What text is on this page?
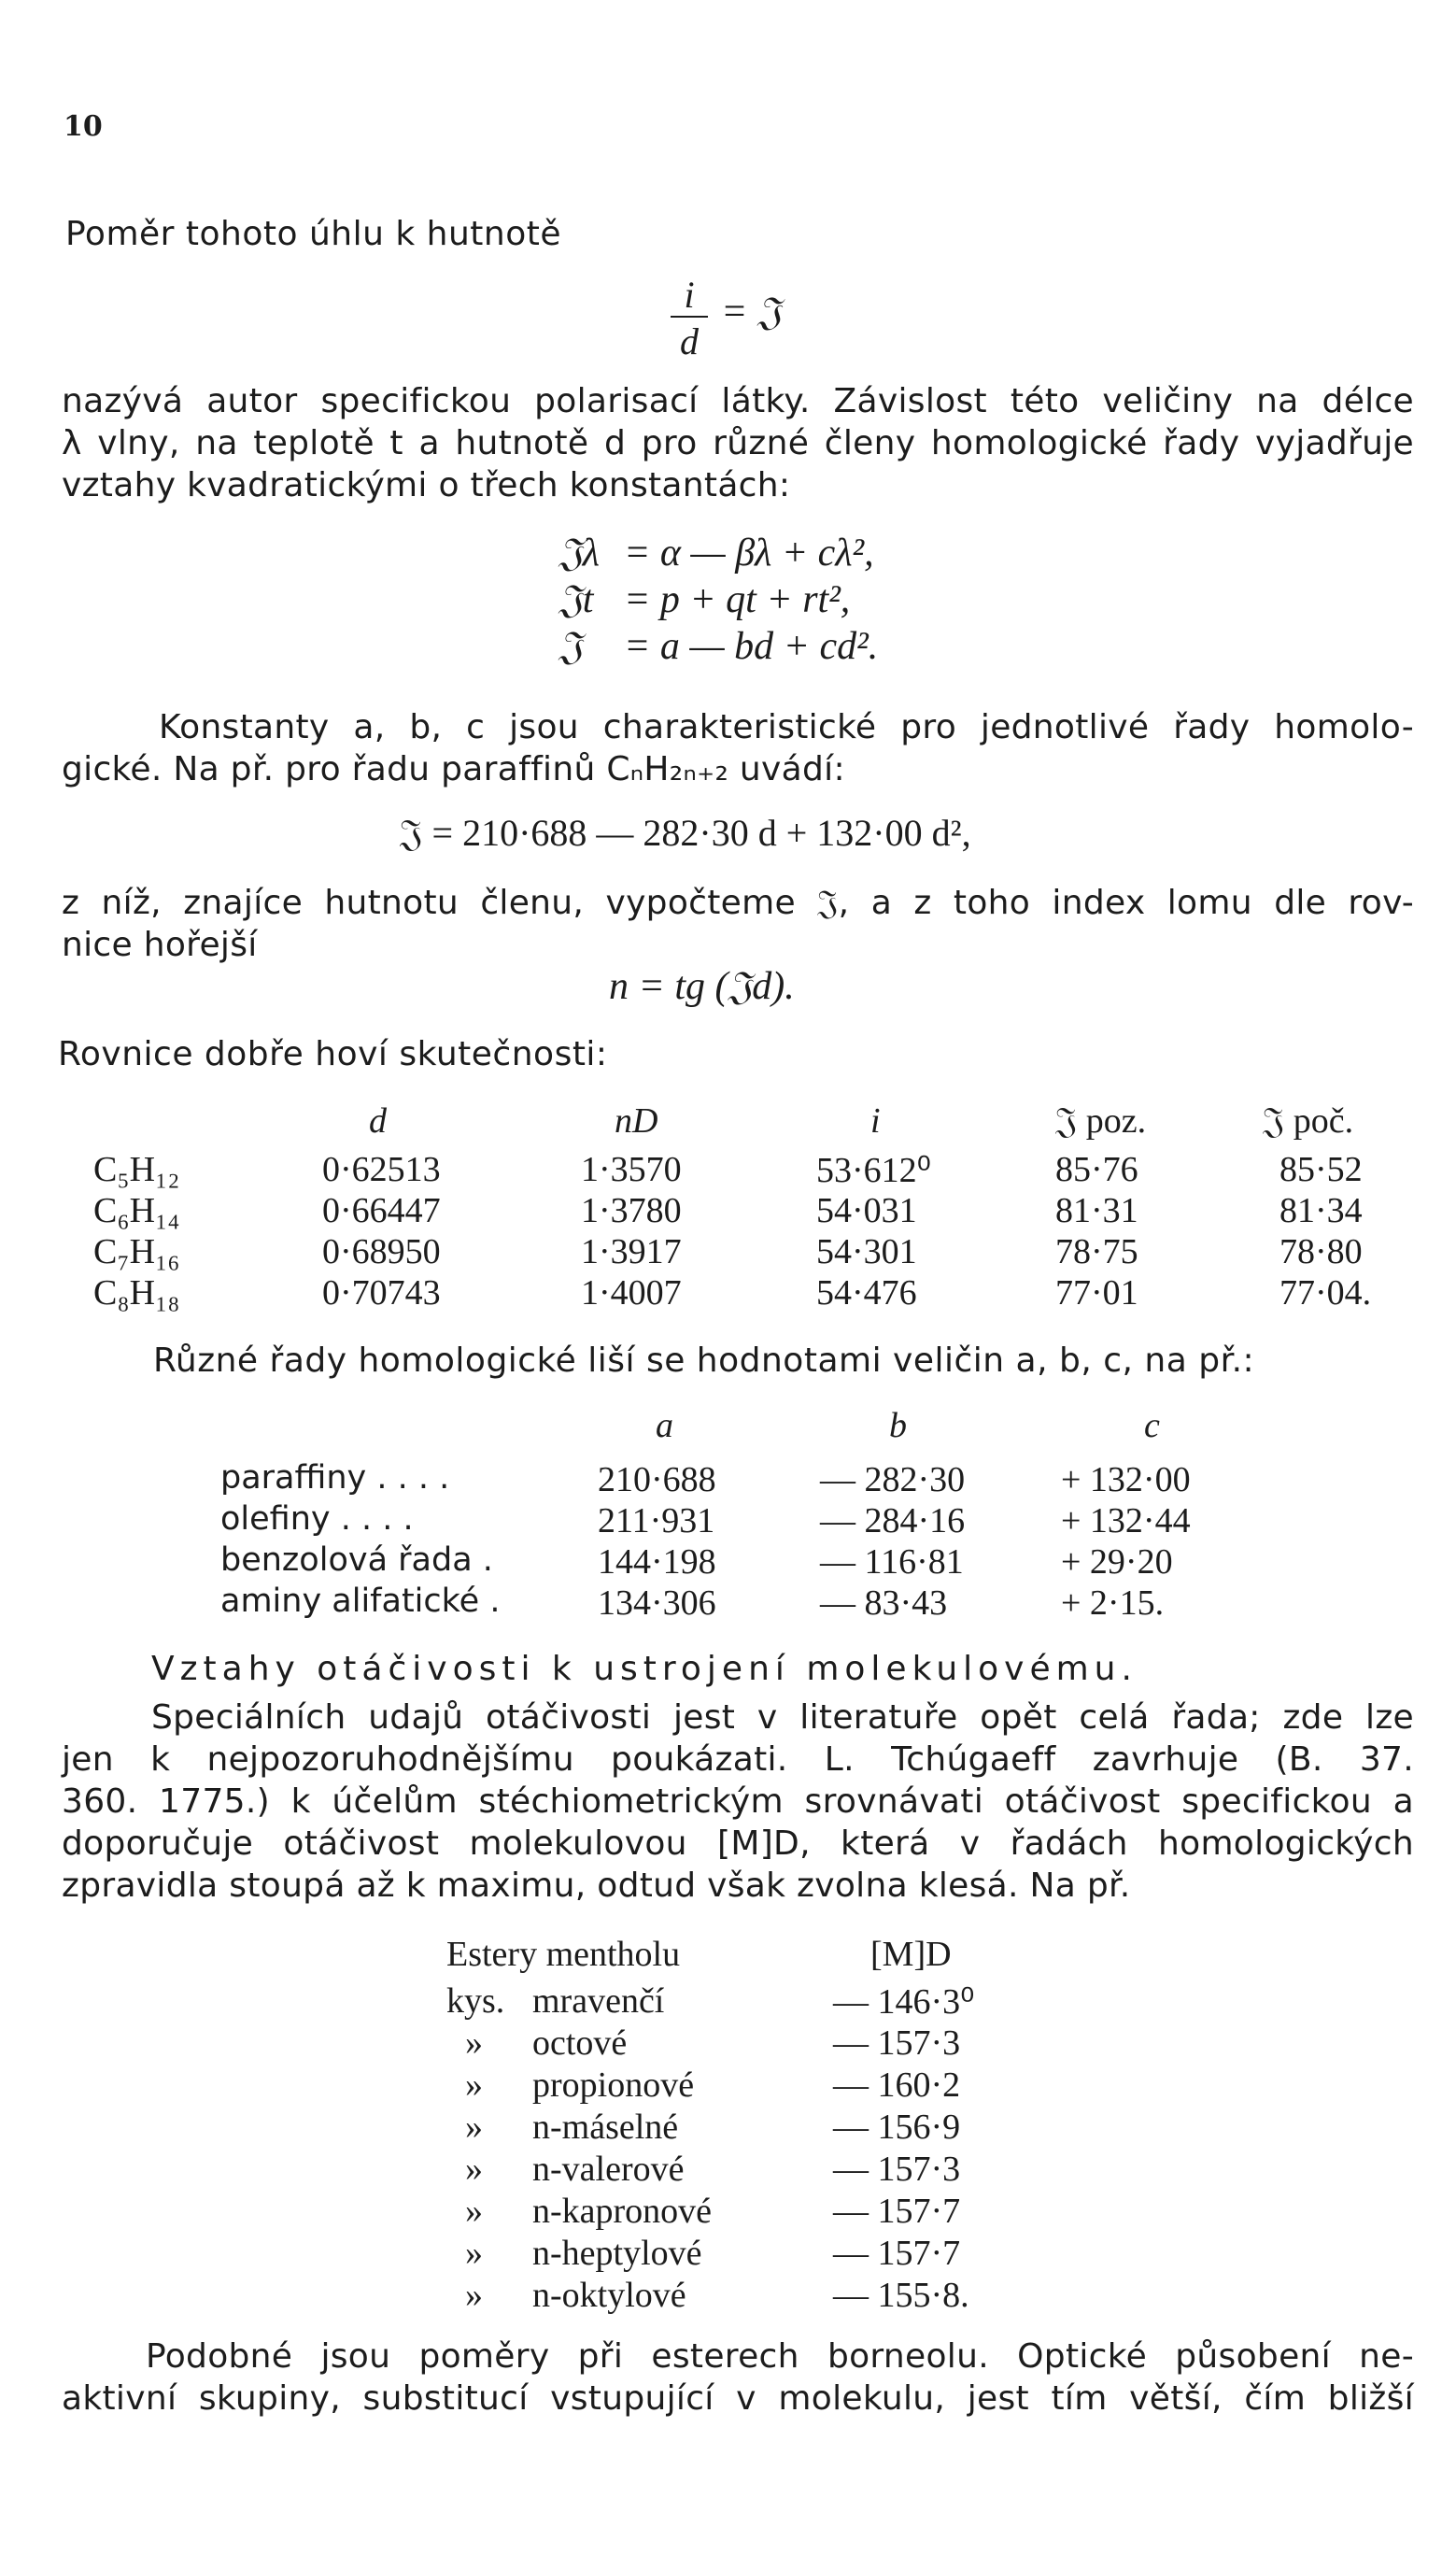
10
Poměr tohoto úhlu k hutnotě
i
d
= 𝔍
nazývá autor specifickou polarisací látky. Závislost této veličiny na délce
λ vlny, na teplotě t a hutnotě d pro různé členy homologické řady vyjadřuje
vztahy kvadratickými o třech konstantách:
𝔍λ = α — βλ + cλ²,
𝔍t = p + qt + rt²,
𝔍 = a — bd + cd².
Konstanty a, b, c jsou charakteristické pro jednotlivé řady homolo-
gické. Na př. pro řadu paraffinů CₙH₂ₙ₊₂ uvádí:
𝔍 = 210·688 — 282·30 d + 132·00 d²,
z níž, znajíce hutnotu členu, vypočteme 𝔍, a z toho index lomu dle rov-
nice hořejší
n = tg (𝔍d).
Rovnice dobře hoví skutečnosti:
d	nD	i	𝔍 poz.	𝔍 poč.
C₅H₁₂	0·62513	1·3570	53·612⁰	85·76	85·52
C₆H₁₄	0·66447	1·3780	54·031	81·31	81·34
C₇H₁₆	0·68950	1·3917	54·301	78·75	78·80
C₈H₁₈	0·70743	1·4007	54·476	77·01	77·04.
Různé řady homologické liší se hodnotami veličin a, b, c, na př.:
a	b	c
paraffiny . . . .	210·688	— 282·30	+ 132·00
olefiny . . . .	211·931	— 284·16	+ 132·44
benzolová řada .	144·198	— 116·81	+ 29·20
aminy alifatické .	134·306	— 83·43	+ 2·15.
Vztahy otáčivosti k ustrojení molekulovému.
Speciálních udajů otáčivosti jest v literatuře opět celá řada; zde lze
jen k nejpozoruhodnějšímu poukázati. L. Tchúgaeff zavrhuje (B. 37.
360. 1775.) k účelům stéchiometrickým srovnávati otáčivost specifickou a
doporučuje otáčivost molekulovou [M]D, která v řadách homologických
zpravidla stoupá až k maximu, odtud však zvolna klesá. Na př.
Estery mentholu	[M]D
kys. mravenčí	— 146·3⁰
» octové	— 157·3
» propionové	— 160·2
» n-máselné	— 156·9
» n-valerové	— 157·3
» n-kapronové	— 157·7
» n-heptylové	— 157·7
» n-oktylové	— 155·8.
Podobné jsou poměry při esterech borneolu. Optické působení ne-
aktivní skupiny, substitucí vstupující v molekulu, jest tím větší, čím bližší
